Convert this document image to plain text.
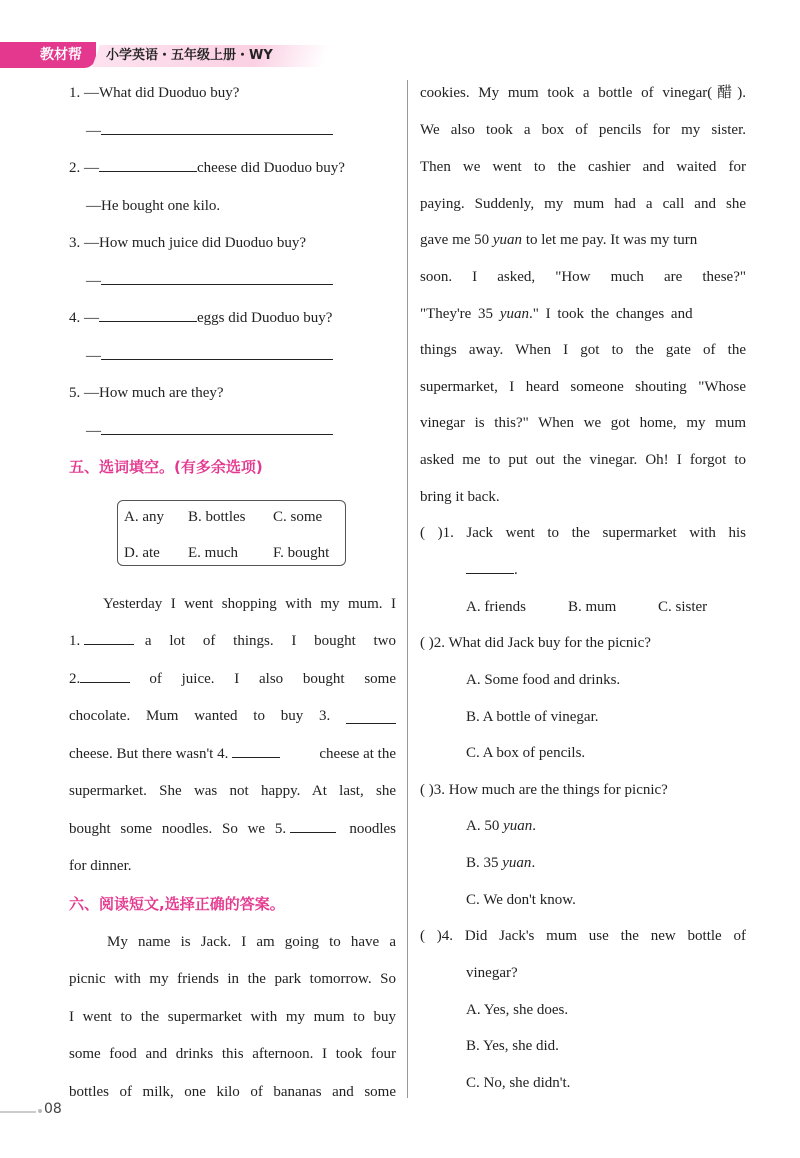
教材帮	小学英语・五年级上册・WY
1. —What did Duoduo buy?
—
2. —	cheese did Duoduo buy?
—He bought one kilo.
3. —How much juice did Duoduo buy?
—
4. —	eggs did Duoduo buy?
—
5. —How much are they?
—
五、选词填空。(有多余选项)
A. any B. bottles C. some
D. ate E. much F. bought
Yesterday I went shopping with my mum. I
1.	a lot of things. I bought two
2.	of juice. I also bought some
chocolate. Mum wanted to buy 3.
cheese. But there wasn't 4.	cheese at the
supermarket. She was not happy. At last, she
bought some noodles. So we 5.	noodles
for dinner.
六、阅读短文,选择正确的答案。
My name is Jack. I am going to have a
picnic with my friends in the park tomorrow. So
I went to the supermarket with my mum to buy
some food and drinks this afternoon. I took four
bottles of milk, one kilo of bananas and some
cookies. My mum took a bottle of vinegar(醋).
We also took a box of pencils for my sister.
Then we went to the cashier and waited for
paying. Suddenly, my mum had a call and she
gave me 50 yuan to let me pay. It was my turn
soon. I asked, "How much are these?"
"They're 35 yuan." I took the changes and
things away. When I got to the gate of the
supermarket, I heard someone shouting "Whose
vinegar is this?" When we got home, my mum
asked me to put out the vinegar. Oh! I forgot to
bring it back.
( )1. Jack went to the supermarket with his
.
A. friends	B. mum	C. sister
( )2. What did Jack buy for the picnic?
A. Some food and drinks.
B. A bottle of vinegar.
C. A box of pencils.
( )3. How much are the things for picnic?
A. 50 yuan.
B. 35 yuan.
C. We don't know.
( )4. Did Jack's mum use the new bottle of
vinegar?
A. Yes, she does.
B. Yes, she did.
C. No, she didn't.
08
